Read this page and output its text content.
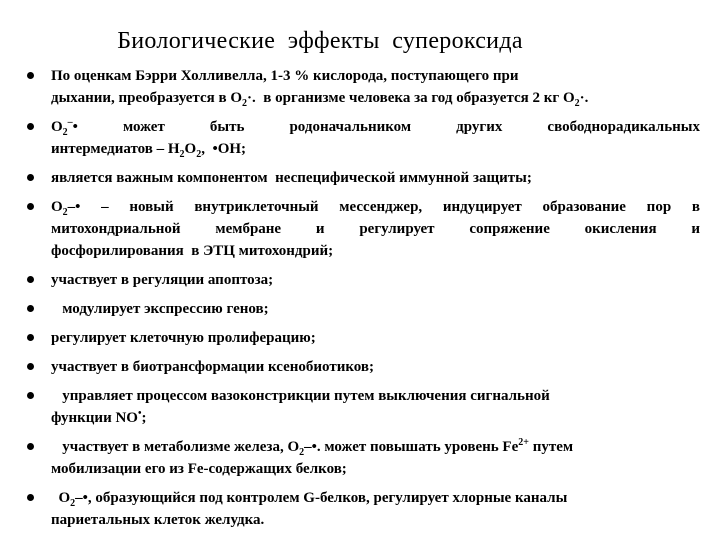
Биологические  эффекты  супероксида
По оценкам Бэрри Холливелла, 1-3 % кислорода, поступающего при
дыхании, преобразуется в $O_2\cdot$.  в организме человека за год образуется 2 кг $O_2\cdot$.
$O_2^-•$ может быть родоначальником других свободнорадикальных
интермедиатов – $H_2O_2$,  •OH;
является важным компонентом  неспецифической иммунной защиты;
$O_2-•$ – новый внутриклеточный мессенджер, индуцирует образование пор в
митохондриальной мембране и регулирует сопряжение окисления и
фосфорилирования  в ЭТЦ митохондрий;
участвует в регуляции апоптоза;
модулирует экспрессию генов;
регулирует клеточную пролиферацию;
участвует в биотрансформации ксенобиотиков;
управляет процессом вазоконстрикции путем выключения сигнальной
функции NO•;
участвует в метаболизме железа, $O_2-•$. может повышать уровень $Fe^{2+}$ путем
мобилизации его из Fe-содержащих белков;
$O_2-•$, образующийся под контролем G-белков, регулирует хлорные каналы
париетальных клеток желудка.
